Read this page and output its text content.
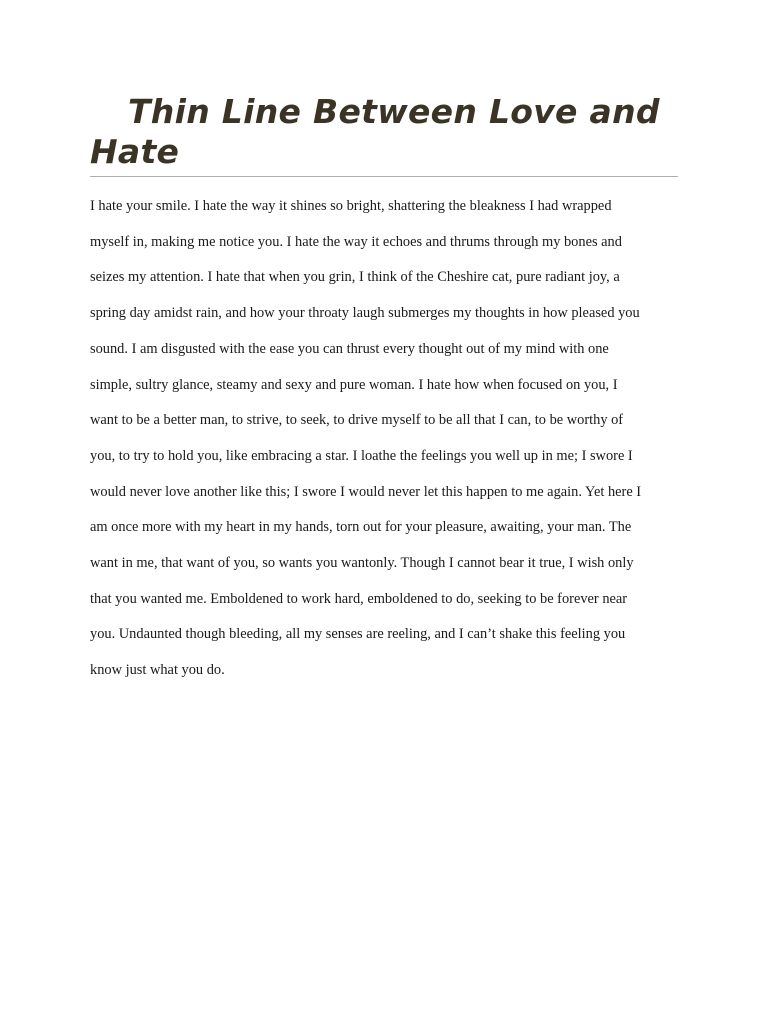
Thin Line Between Love and Hate

I hate your smile. I hate the way it shines so bright, shattering the bleakness I had wrapped
myself in, making me notice you. I hate the way it echoes and thrums through my bones and
seizes my attention. I hate that when you grin, I think of the Cheshire cat, pure radiant joy, a
spring day amidst rain, and how your throaty laugh submerges my thoughts in how pleased you
sound. I am disgusted with the ease you can thrust every thought out of my mind with one
simple, sultry glance, steamy and sexy and pure woman. I hate how when focused on you, I
want to be a better man, to strive, to seek, to drive myself to be all that I can, to be worthy of
you, to try to hold you, like embracing a star. I loathe the feelings you well up in me; I swore I
would never love another like this; I swore I would never let this happen to me again. Yet here I
am once more with my heart in my hands, torn out for your pleasure, awaiting, your man. The
want in me, that want of you, so wants you wantonly. Though I cannot bear it true, I wish only
that you wanted me. Emboldened to work hard, emboldened to do, seeking to be forever near
you. Undaunted though bleeding, all my senses are reeling, and I can’t shake this feeling you
know just what you do.
